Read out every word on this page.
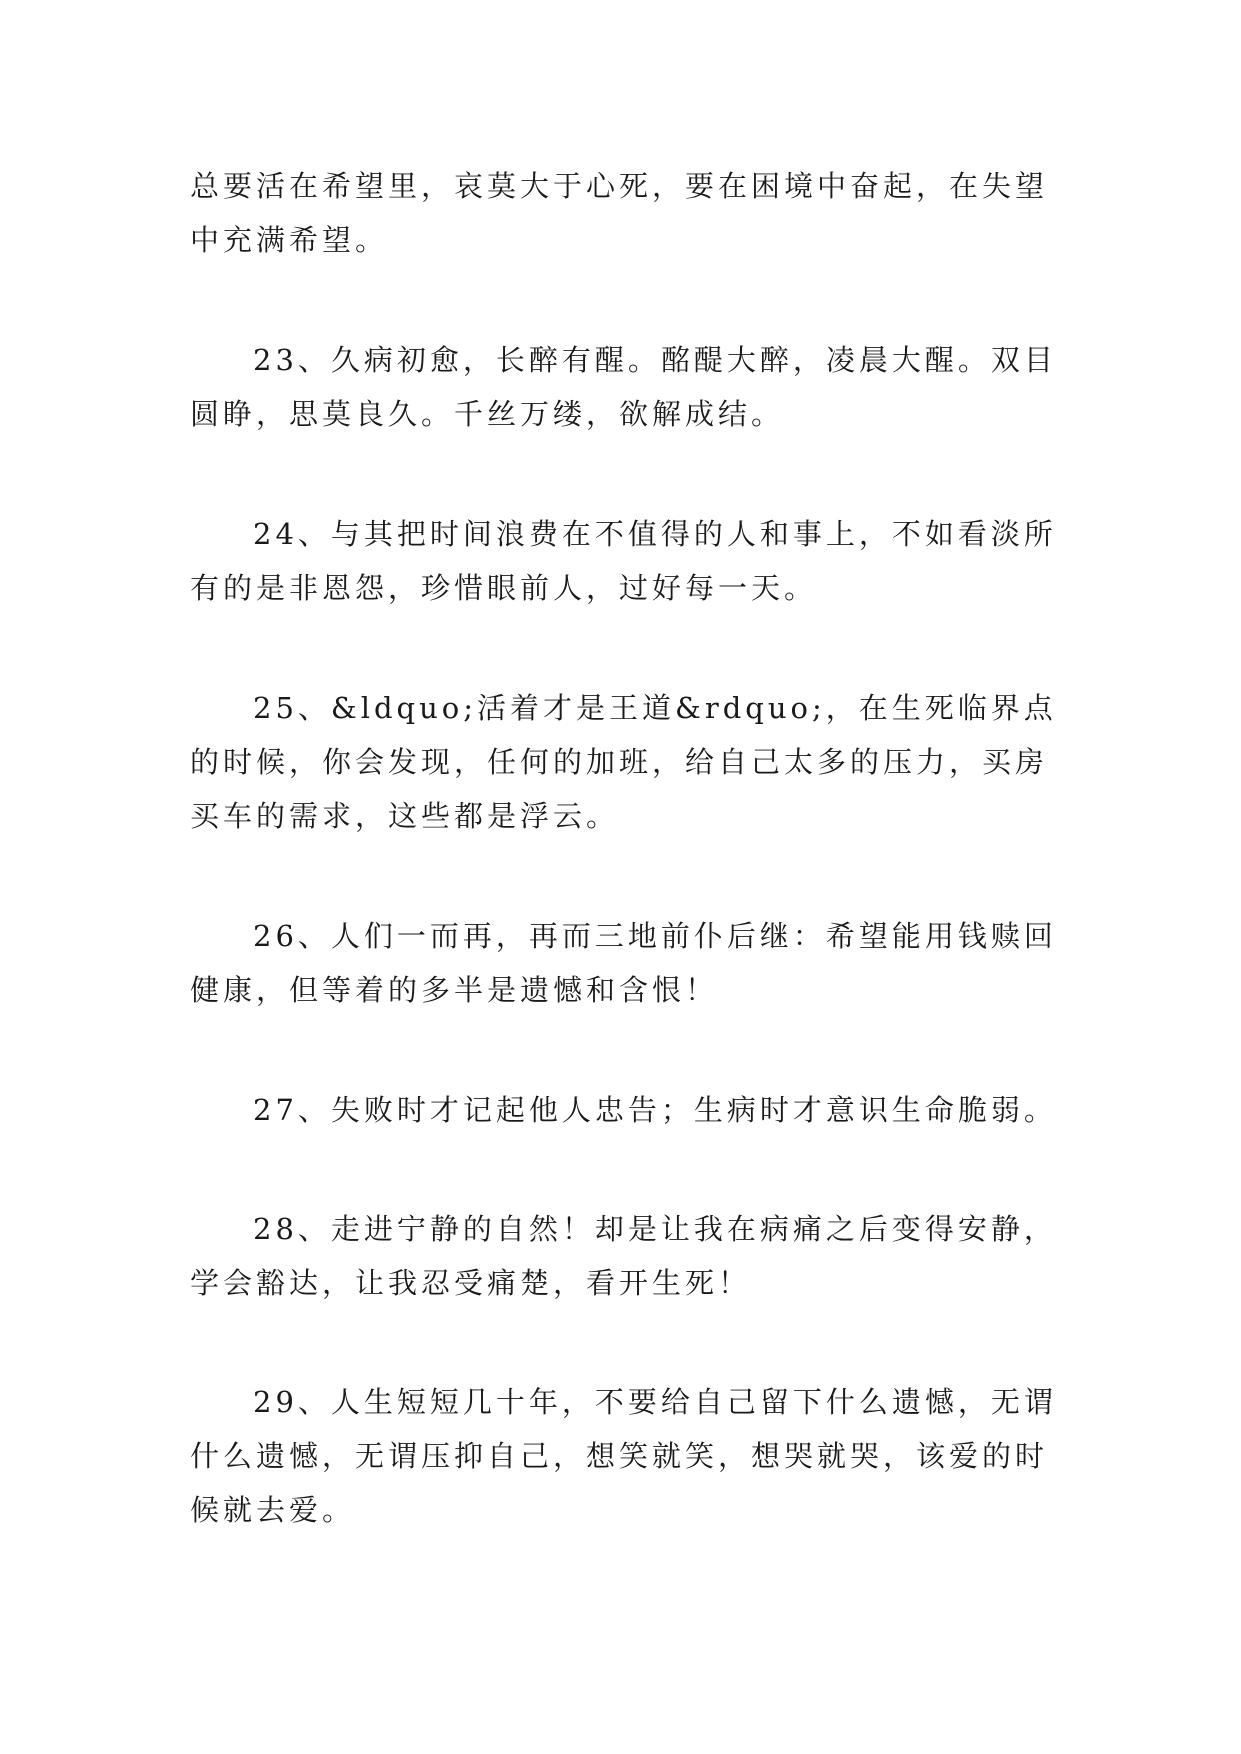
总要活在希望里，哀莫大于心死，要在困境中奋起，在失望中充满希望。

23、久病初愈，长醉有醒。酩醍大醉，凌晨大醒。双目圆睁，思莫良久。千丝万缕，欲解成结。

24、与其把时间浪费在不值得的人和事上，不如看淡所有的是非恩怨，珍惜眼前人，过好每一天。

25、&ldquo;活着才是王道&rdquo;，在生死临界点的时候，你会发现，任何的加班，给自己太多的压力，买房买车的需求，这些都是浮云。

26、人们一而再，再而三地前仆后继：希望能用钱赎回健康，但等着的多半是遗憾和含恨！

27、失败时才记起他人忠告；生病时才意识生命脆弱。

28、走进宁静的自然！却是让我在病痛之后变得安静，学会豁达，让我忍受痛楚，看开生死！

29、人生短短几十年，不要给自己留下什么遗憾，无谓什么遗憾，无谓压抑自己，想笑就笑，想哭就哭，该爱的时候就去爱。
